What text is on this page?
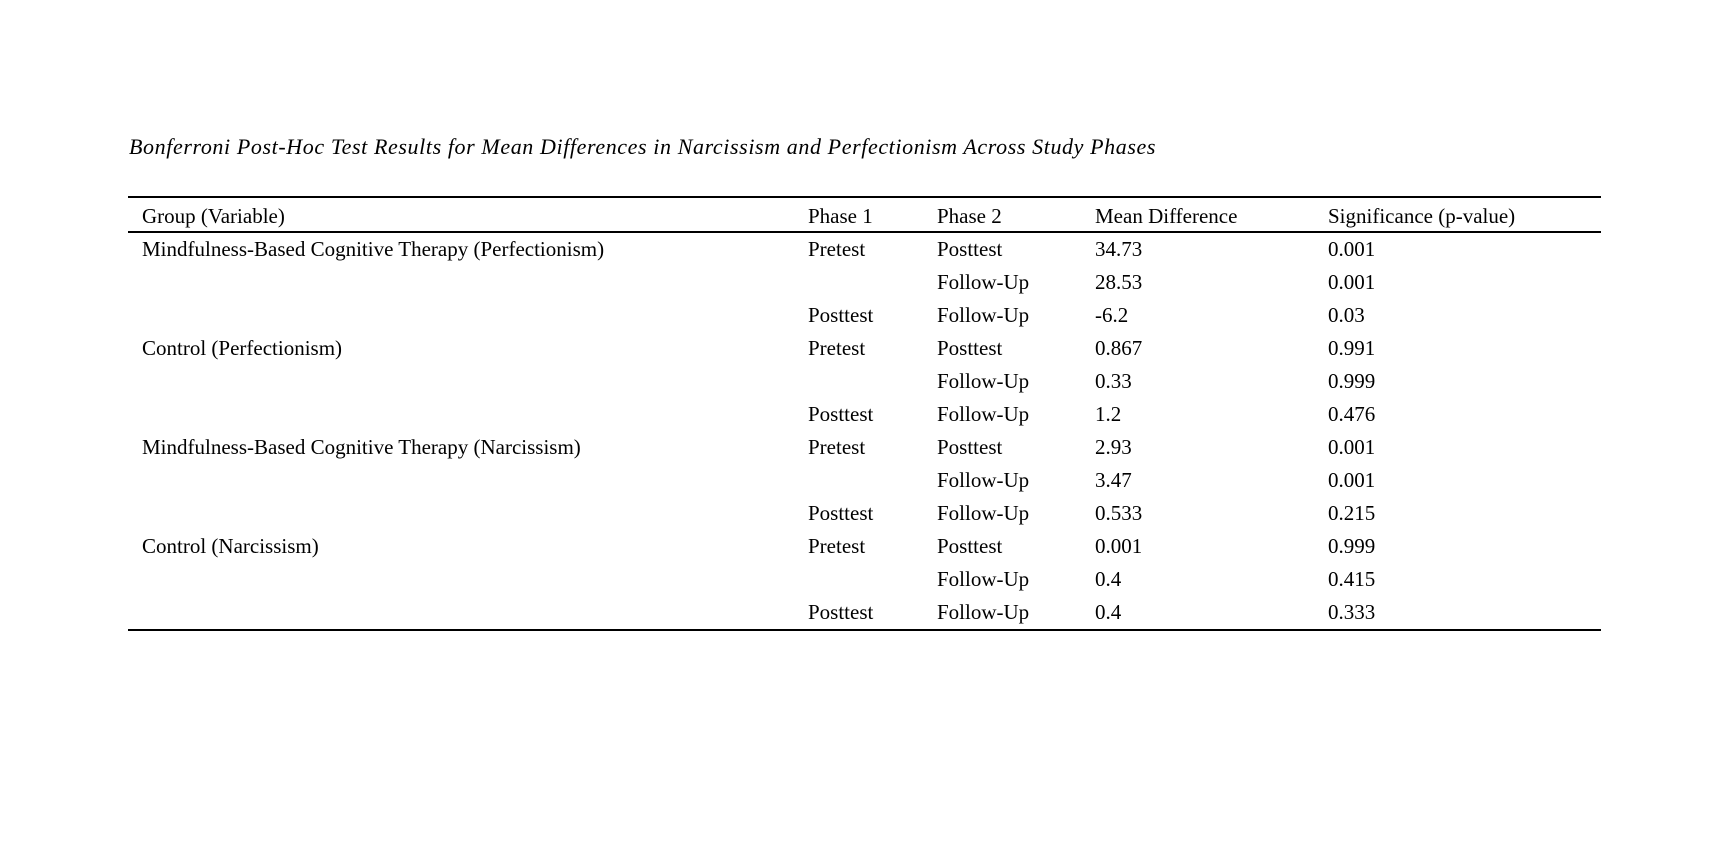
Bonferroni Post-Hoc Test Results for Mean Differences in Narcissism and Perfectionism Across Study Phases
Group (Variable)	Phase 1	Phase 2	Mean Difference	Significance (p-value)
Mindfulness-Based Cognitive Therapy (Perfectionism)	Pretest	Posttest	34.73	0.001
		Follow-Up	28.53	0.001
	Posttest	Follow-Up	-6.2	0.03
Control (Perfectionism)	Pretest	Posttest	0.867	0.991
		Follow-Up	0.33	0.999
	Posttest	Follow-Up	1.2	0.476
Mindfulness-Based Cognitive Therapy (Narcissism)	Pretest	Posttest	2.93	0.001
		Follow-Up	3.47	0.001
	Posttest	Follow-Up	0.533	0.215
Control (Narcissism)	Pretest	Posttest	0.001	0.999
		Follow-Up	0.4	0.415
	Posttest	Follow-Up	0.4	0.333
